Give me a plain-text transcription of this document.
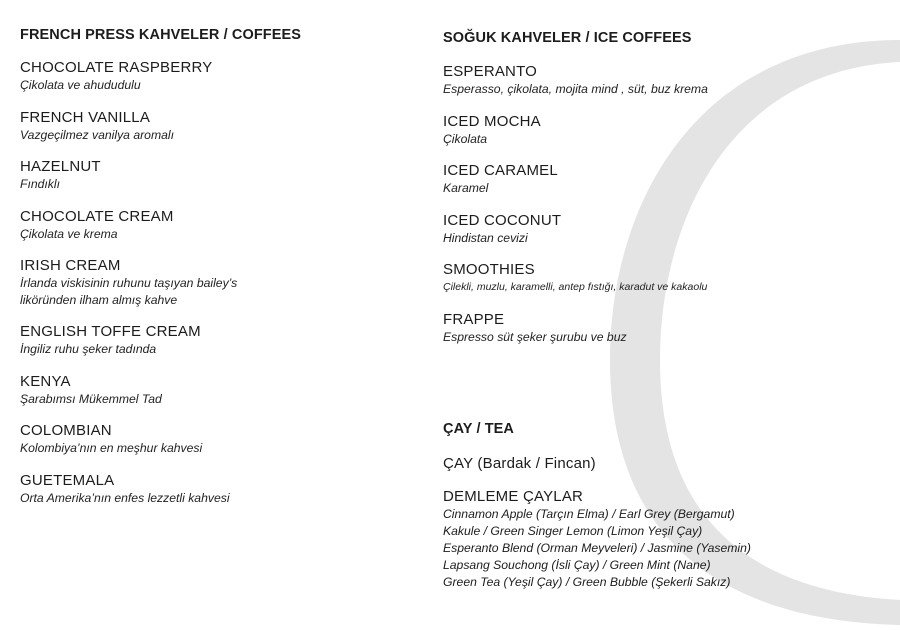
FRENCH PRESS KAHVELER / COFFEES
CHOCOLATE RASPBERRY
Çikolata ve ahududulu
FRENCH VANILLA
Vazgeçilmez vanilya aromalı
HAZELNUT
Fındıklı
CHOCOLATE CREAM
Çikolata ve krema
IRISH CREAM
İrlanda viskisinin ruhunu taşıyan bailey’s
liköründen ilham almış kahve
ENGLISH TOFFE CREAM
İngiliz ruhu şeker tadında
KENYA
Şarabımsı Mükemmel Tad
COLOMBIAN
Kolombiya’nın en meşhur kahvesi
GUETEMALA
Orta Amerika’nın enfes lezzetli kahvesi
SOĞUK KAHVELER / ICE COFFEES
ESPERANTO
Esperasso, çikolata, mojita mind , süt, buz krema
ICED MOCHA
Çikolata
ICED CARAMEL
Karamel
ICED COCONUT
Hindistan cevizi
SMOOTHIES
Çilekli, muzlu, karamelli, antep fıstığı, karadut ve kakaolu
FRAPPE
Espresso süt şeker şurubu ve buz
ÇAY / TEA
ÇAY (Bardak / Fincan)
DEMLEME ÇAYLAR
Cinnamon Apple (Tarçın Elma) / Earl Grey (Bergamut)
Kakule / Green Singer Lemon (Limon Yeşil Çay)
Esperanto Blend (Orman Meyveleri) / Jasmine (Yasemin)
Lapsang Souchong (İsli Çay) / Green Mint (Nane)
Green Tea (Yeşil Çay) / Green Bubble (Şekerli Sakız)
